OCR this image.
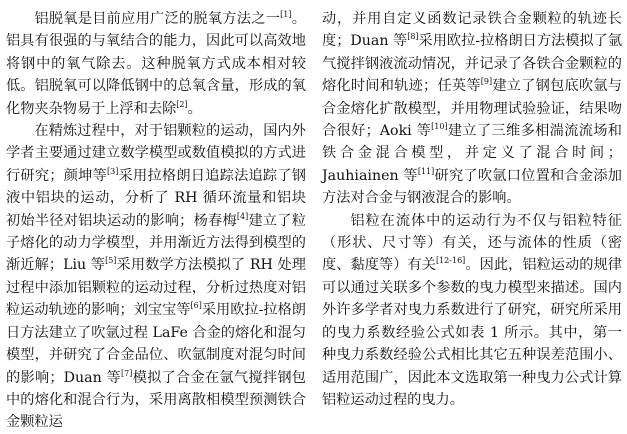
铝脱氧是目前应用广泛的脱氧方法之一[1]。铝具有很强的与氧结合的能力，因此可以高效地将钢中的氧气除去。这种脱氧方式成本相对较低。铝脱氧可以降低钢中的总氧含量，形成的氧化物夹杂物易于上浮和去除[2]。

在精炼过程中，对于铝颗粒的运动，国内外学者主要通过建立数学模型或数值模拟的方式进行研究；颜坤等[3]采用拉格朗日追踪法追踪了钢液中铝块的运动，分析了 RH 循环流量和铝块初始半径对铝块运动的影响；杨春梅[4]建立了粒子熔化的动力学模型，并用渐近方法得到模型的渐近解；Liu 等[5]采用数学方法模拟了 RH 处理过程中添加铝颗粒的运动过程，分析过热度对铝粒运动轨迹的影响；刘宝宝等[6]采用欧拉-拉格朗日方法建立了吹氩过程 LaFe 合金的熔化和混匀模型，并研究了合金品位、吹氩制度对混匀时间的影响；Duan 等[7]模拟了合金在氩气搅拌钢包中的熔化和混合行为，采用离散相模型预测铁合金颗粒运

动，并用自定义函数记录铁合金颗粒的轨迹长度；Duan 等[8]采用欧拉-拉格朗日方法模拟了氩气搅拌钢液流动情况，并记录了各铁合金颗粒的熔化时间和轨迹；任英等[9]建立了钢包底吹氩与合金熔化扩散模型，并用物理试验验证，结果吻合很好；Aoki 等[10]建立了三维多相湍流流场和铁合金混合模型，并定义了混合时间；Jauhiainen 等[11]研究了吹氩口位置和合金添加方法对合金与钢液混合的影响。

铝粒在流体中的运动行为不仅与铝粒特征（形状、尺寸等）有关，还与流体的性质（密度、黏度等）有关[12-16]。因此，铝粒运动的规律可以通过关联多个参数的曳力模型来描述。国内外许多学者对曳力系数进行了研究，研究所采用的曳力系数经验公式如表 1 所示。其中，第一种曳力系数经验公式相比其它五种误差范围小、适用范围广，因此本文选取第一种曳力公式计算铝粒运动过程的曳力。
